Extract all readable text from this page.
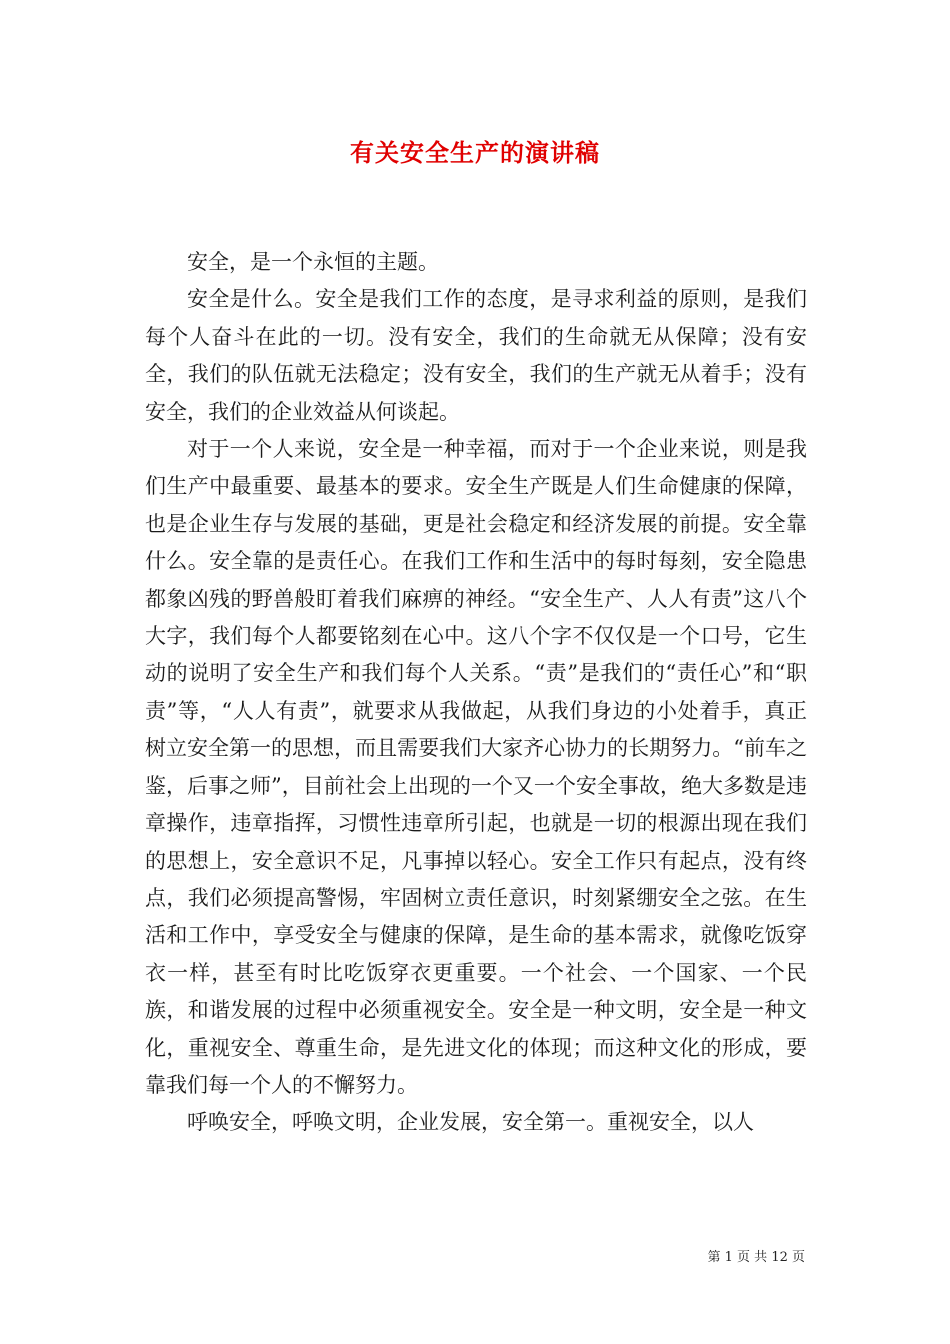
有关安全生产的演讲稿

安全，是一个永恒的主题。

安全是什么。安全是我们工作的态度，是寻求利益的原则，是我们每个人奋斗在此的一切。没有安全，我们的生命就无从保障；没有安全，我们的队伍就无法稳定；没有安全，我们的生产就无从着手；没有安全，我们的企业效益从何谈起。

对于一个人来说，安全是一种幸福，而对于一个企业来说，则是我们生产中最重要、最基本的要求。安全生产既是人们生命健康的保障，也是企业生存与发展的基础，更是社会稳定和经济发展的前提。安全靠什么。安全靠的是责任心。在我们工作和生活中的每时每刻，安全隐患都象凶残的野兽般盯着我们麻痹的神经。“安全生产、人人有责”这八个大字，我们每个人都要铭刻在心中。这八个字不仅仅是一个口号，它生动的说明了安全生产和我们每个人关系。“责”是我们的“责任心”和“职责”等，“人人有责”，就要求从我做起，从我们身边的小处着手，真正树立安全第一的思想，而且需要我们大家齐心协力的长期努力。“前车之鉴，后事之师”，目前社会上出现的一个又一个安全事故，绝大多数是违章操作，违章指挥，习惯性违章所引起，也就是一切的根源出现在我们的思想上，安全意识不足，凡事掉以轻心。安全工作只有起点，没有终点，我们必须提高警惕，牢固树立责任意识，时刻紧绷安全之弦。在生活和工作中，享受安全与健康的保障，是生命的基本需求，就像吃饭穿衣一样，甚至有时比吃饭穿衣更重要。一个社会、一个国家、一个民族，和谐发展的过程中必须重视安全。安全是一种文明，安全是一种文化，重视安全、尊重生命，是先进文化的体现；而这种文化的形成，要靠我们每一个人的不懈努力。

呼唤安全，呼唤文明，企业发展，安全第一。重视安全，以人

第 1 页 共 12 页
